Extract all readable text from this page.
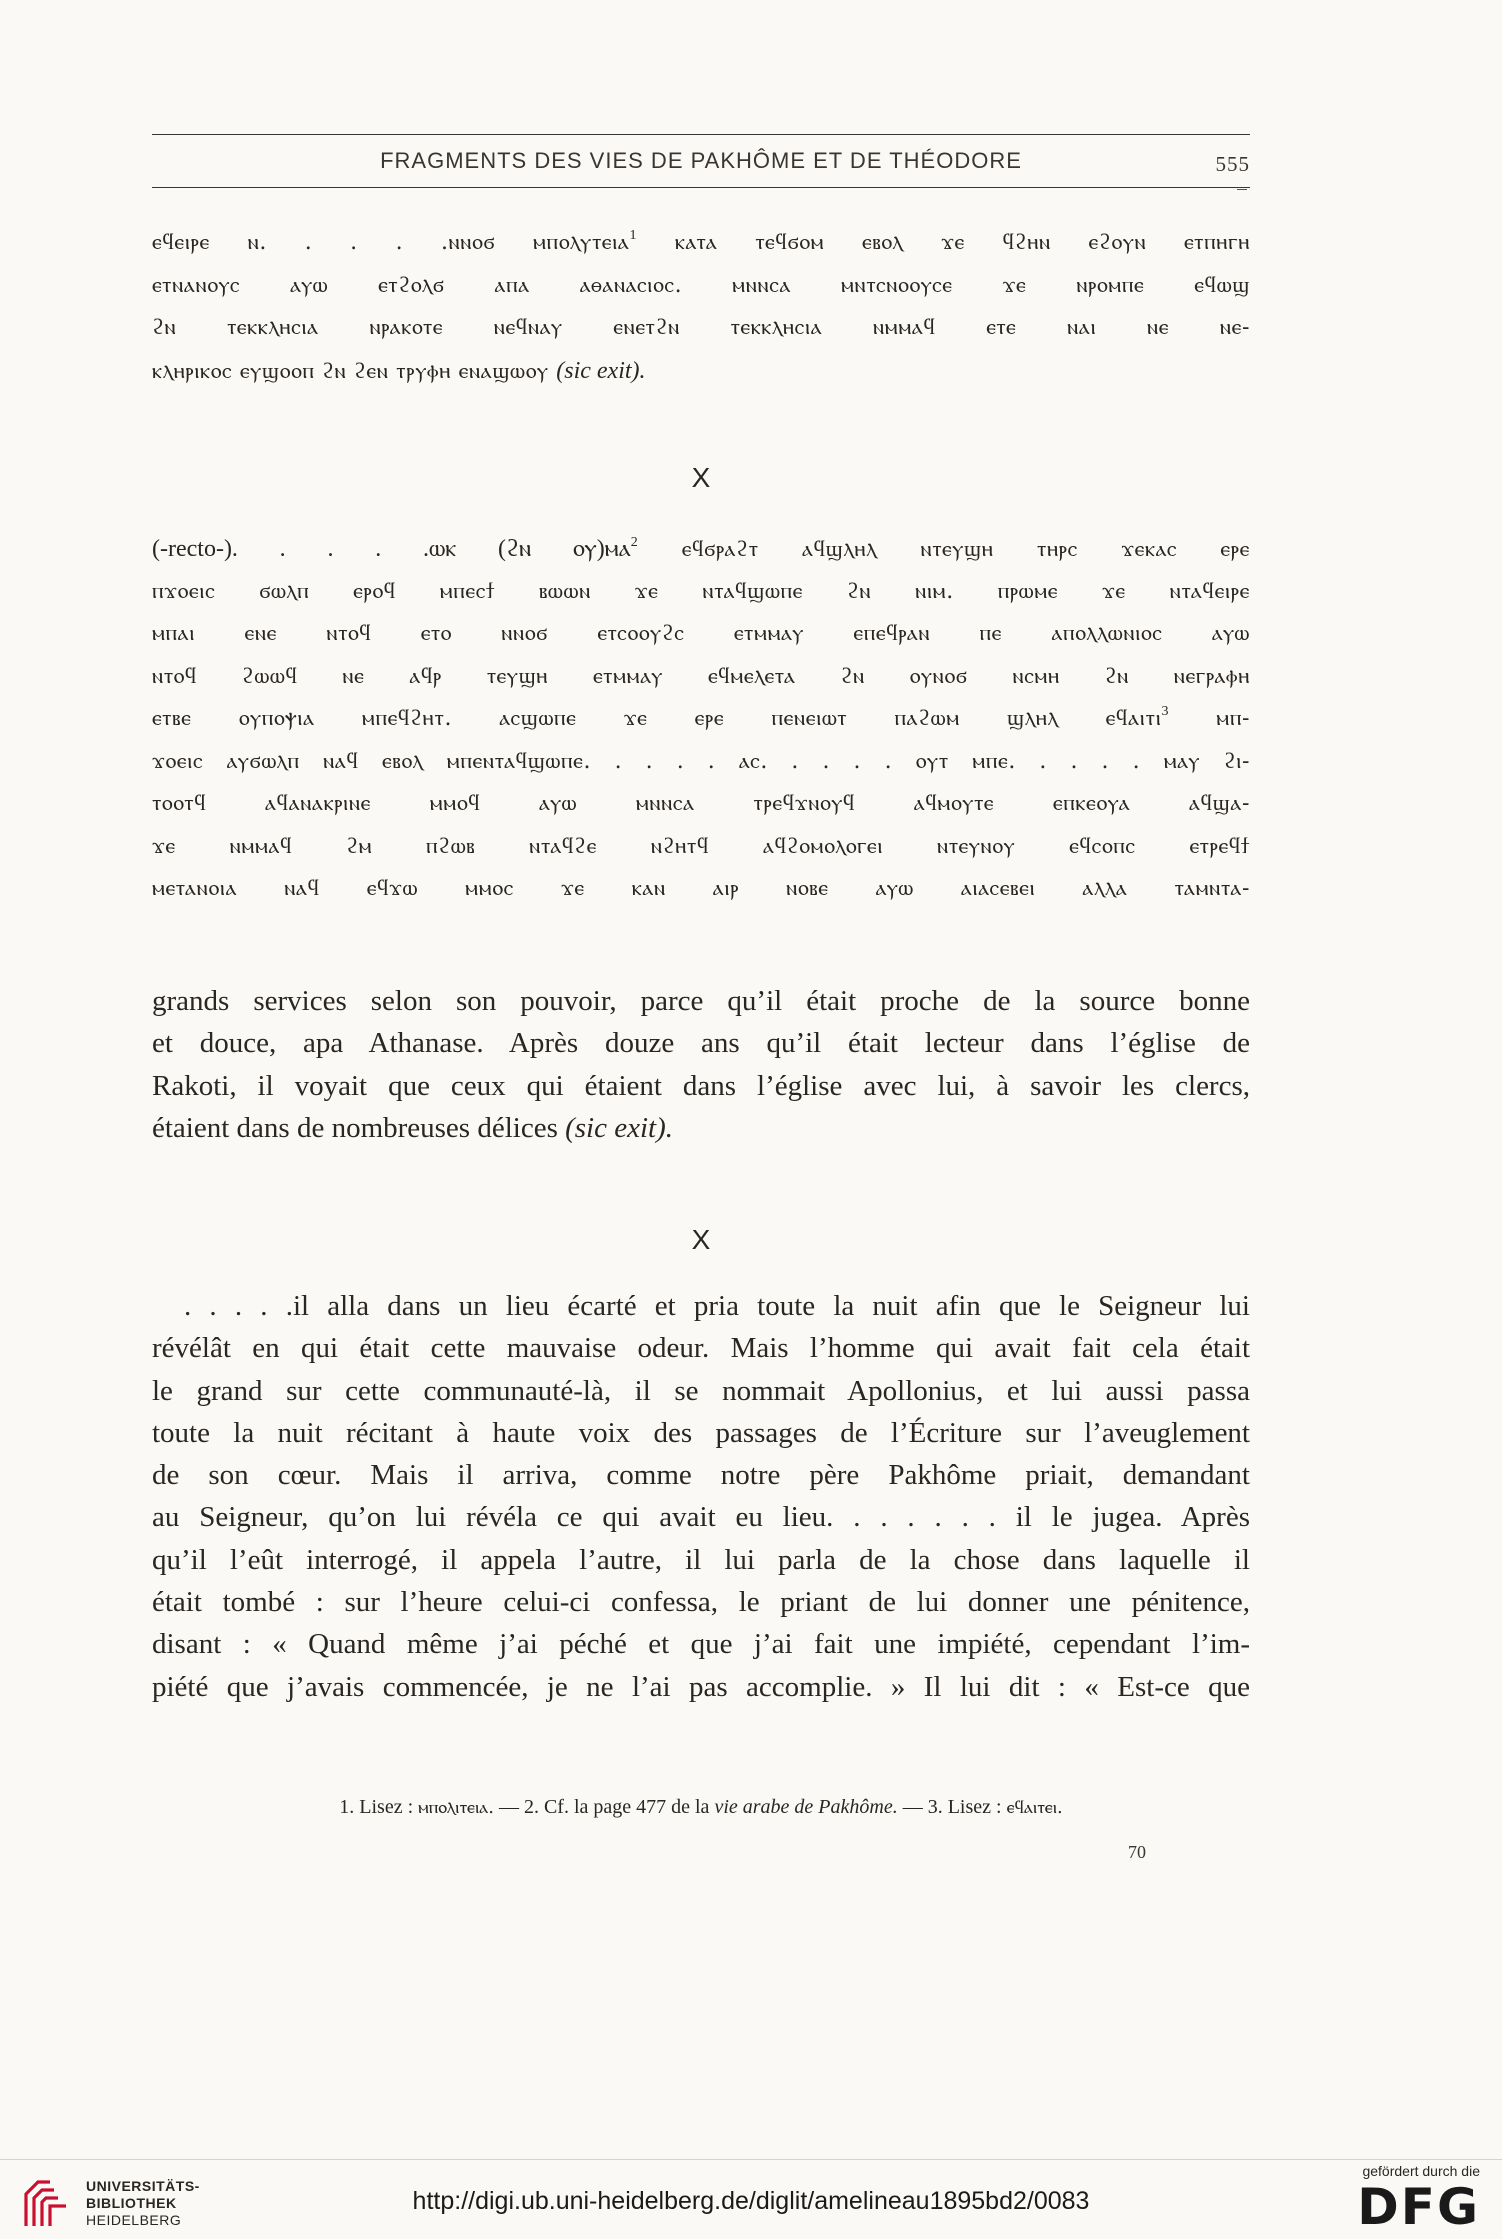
FRAGMENTS DES VIES DE PAKHÔME ET DE THÉODORE	555
ⲉϥⲉⲓⲣⲉ ⲛ. . . . .ⲛⲛⲟϭ ⲙⲡⲟⲗⲩⲧⲉⲓⲁ$^1$ ⲕⲁⲧⲁ ⲧⲉϥϭⲟⲙ ⲉⲃⲟⲗ ϫⲉ ϥϩⲏⲛ ⲉϩⲟⲩⲛ ⲉⲧⲡⲏⲅⲏ
ⲉⲧⲛⲁⲛⲟⲩⲥ ⲁⲩⲱ ⲉⲧϩⲟⲗϭ ⲁⲡⲁ ⲁⲑⲁⲛⲁⲥⲓⲟⲥ. ⲙⲛⲛⲥⲁ ⲙⲛⲧⲥⲛⲟⲟⲩⲥⲉ ϫⲉ ⲛⲣⲟⲙⲡⲉ ⲉϥⲱϣ
ϩⲛ ⲧⲉⲕⲕⲗⲏⲥⲓⲁ ⲛⲣⲁⲕⲟⲧⲉ ⲛⲉϥⲛⲁⲩ ⲉⲛⲉⲧϩⲛ ⲧⲉⲕⲕⲗⲏⲥⲓⲁ ⲛⲙⲙⲁϥ ⲉⲧⲉ ⲛⲁⲓ ⲛⲉ ⲛⲉ-
ⲕⲗⲏⲣⲓⲕⲟⲥ ⲉⲩϣⲟⲟⲡ ϩⲛ ϩⲉⲛ ⲧⲣⲩⲫⲏ ⲉⲛⲁϣⲱⲟⲩ (sic exit).
X
(-recto-). . . . .ⲱⲕ (ϩⲛ ⲟⲩ)ⲙⲁ$^2$ ⲉϥϭⲣⲁϩⲧ ⲁϥϣⲗⲏⲗ ⲛⲧⲉⲩϣⲏ ⲧⲏⲣⲥ ϫⲉⲕⲁⲥ ⲉⲣⲉ
ⲡϫⲟⲉⲓⲥ ϭⲱⲗⲡ ⲉⲣⲟϥ ⲙⲡⲉⲥϯ ⲃⲱⲱⲛ ϫⲉ ⲛⲧⲁϥϣⲱⲡⲉ ϩⲛ ⲛⲓⲙ. ⲡⲣⲱⲙⲉ ϫⲉ ⲛⲧⲁϥⲉⲓⲣⲉ
ⲙⲡⲁⲓ ⲉⲛⲉ ⲛⲧⲟϥ ⲉⲧⲟ ⲛⲛⲟϭ ⲉⲧⲥⲟⲟⲩϩⲥ ⲉⲧⲙⲙⲁⲩ ⲉⲡⲉϥⲣⲁⲛ ⲡⲉ ⲁⲡⲟⲗⲗⲱⲛⲓⲟⲥ ⲁⲩⲱ
ⲛⲧⲟϥ ϩⲱⲱϥ ⲛⲉ ⲁϥⲣ ⲧⲉⲩϣⲏ ⲉⲧⲙⲙⲁⲩ ⲉϥⲙⲉⲗⲉⲧⲁ ϩⲛ ⲟⲩⲛⲟϭ ⲛⲥⲙⲏ ϩⲛ ⲛⲉⲅⲣⲁⲫⲏ
ⲉⲧⲃⲉ ⲟⲩⲡⲟⲯⲓⲁ ⲙⲡⲉϥϩⲏⲧ. ⲁⲥϣⲱⲡⲉ ϫⲉ ⲉⲣⲉ ⲡⲉⲛⲉⲓⲱⲧ ⲡⲁϩⲱⲙ ϣⲗⲏⲗ ⲉϥⲁⲓⲧⲓ$^3$ ⲙⲡ-
ϫⲟⲉⲓⲥ ⲁⲩϭⲱⲗⲡ ⲛⲁϥ ⲉⲃⲟⲗ ⲙⲡⲉⲛⲧⲁϥϣⲱⲡⲉ. . . . . ⲁⲥ. . . . . ⲟⲩⲧ ⲙⲡⲉ. . . . . ⲙⲁⲩ ϩⲓ-
ⲧⲟⲟⲧϥ ⲁϥⲁⲛⲁⲕⲣⲓⲛⲉ ⲙⲙⲟϥ ⲁⲩⲱ ⲙⲛⲛⲥⲁ ⲧⲣⲉϥϫⲛⲟⲩϥ ⲁϥⲙⲟⲩⲧⲉ ⲉⲡⲕⲉⲟⲩⲁ ⲁϥϣⲁ-
ϫⲉ ⲛⲙⲙⲁϥ ϩⲙ ⲡϩⲱⲃ ⲛⲧⲁϥϩⲉ ⲛϩⲏⲧϥ ⲁϥϩⲟⲙⲟⲗⲟⲅⲉⲓ ⲛⲧⲉⲩⲛⲟⲩ ⲉϥⲥⲟⲡⲥ ⲉⲧⲣⲉϥϯ
ⲙⲉⲧⲁⲛⲟⲓⲁ ⲛⲁϥ ⲉϥϫⲱ ⲙⲙⲟⲥ ϫⲉ ⲕⲁⲛ ⲁⲓⲣ ⲛⲟⲃⲉ ⲁⲩⲱ ⲁⲓⲁⲥⲉⲃⲉⲓ ⲁⲗⲗⲁ ⲧⲁⲙⲛⲧⲁ-
grands services selon son pouvoir, parce qu’il était proche de la source bonne
et douce, apa Athanase. Après douze ans qu’il était lecteur dans l’église de
Rakoti, il voyait que ceux qui étaient dans l’église avec lui, à savoir les clercs,
étaient dans de nombreuses délices (sic exit).
X
. . . . .il alla dans un lieu écarté et pria toute la nuit afin que le Seigneur lui
révélât en qui était cette mauvaise odeur. Mais l’homme qui avait fait cela était
le grand sur cette communauté-là, il se nommait Apollonius, et lui aussi passa
toute la nuit récitant à haute voix des passages de l’Écriture sur l’aveuglement
de son cœur. Mais il arriva, comme notre père Pakhôme priait, demandant
au Seigneur, qu’on lui révéla ce qui avait eu lieu. . . . . . . il le jugea. Après
qu’il l’eût interrogé, il appela l’autre, il lui parla de la chose dans laquelle il
était tombé : sur l’heure celui-ci confessa, le priant de lui donner une pénitence,
disant : « Quand même j’ai péché et que j’ai fait une impiété, cependant l’im-
piété que j’avais commencée, je ne l’ai pas accomplie. » Il lui dit : « Est-ce que
1. Lisez : ⲙⲡⲟⲗⲓⲧⲉⲓⲁ. — 2. Cf. la page 477 de la vie arabe de Pakhôme. — 3. Lisez : ⲉϥⲁⲓⲧⲉⲓ.
70
UNIVERSITÄTS-
BIBLIOTHEK
HEIDELBERG
http://digi.ub.uni-heidelberg.de/diglit/amelineau1895bd2/0083
gefördert durch die
DFG
